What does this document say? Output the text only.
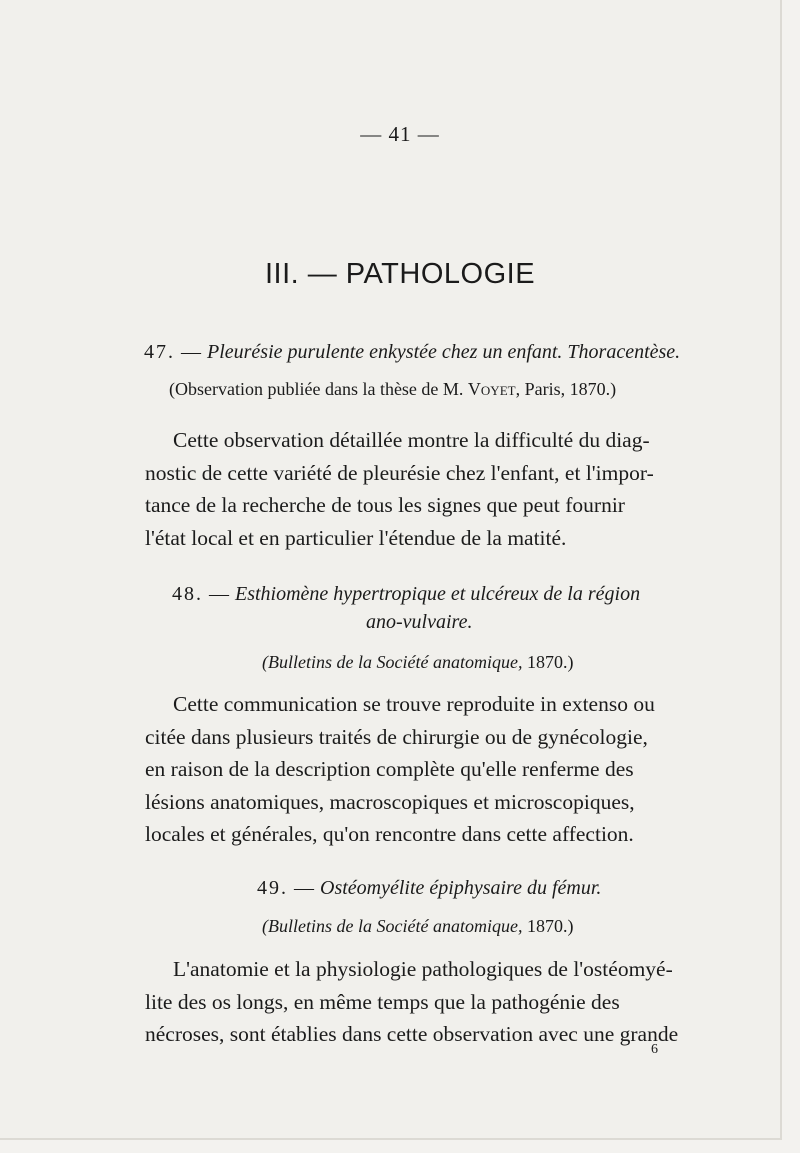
— 41 —
III. — PATHOLOGIE
47. — Pleurésie purulente enkystée chez un enfant. Thoracentèse.
(Observation publiée dans la thèse de M. Voyet, Paris, 1870.)

Cette observation détaillée montre la difficulté du diag-

nostic de cette variété de pleurésie chez l'enfant, et l'impor-

tance de la recherche de tous les signes que peut fournir

l'état local et en particulier l'étendue de la matité.

48. — Esthiomène hypertropique et ulcéreux de la région
ano-vulvaire.
(Bulletins de la Société anatomique, 1870.)

Cette communication se trouve reproduite in extenso ou

citée dans plusieurs traités de chirurgie ou de gynécologie,

en raison de la description complète qu'elle renferme des

lésions anatomiques, macroscopiques et microscopiques,

locales et générales, qu'on rencontre dans cette affection.

49. — Ostéomyélite épiphysaire du fémur.
(Bulletins de la Société anatomique, 1870.)

L'anatomie et la physiologie pathologiques de l'ostéomyé-

lite des os longs, en même temps que la pathogénie des

nécroses, sont établies dans cette observation avec une grande

6
